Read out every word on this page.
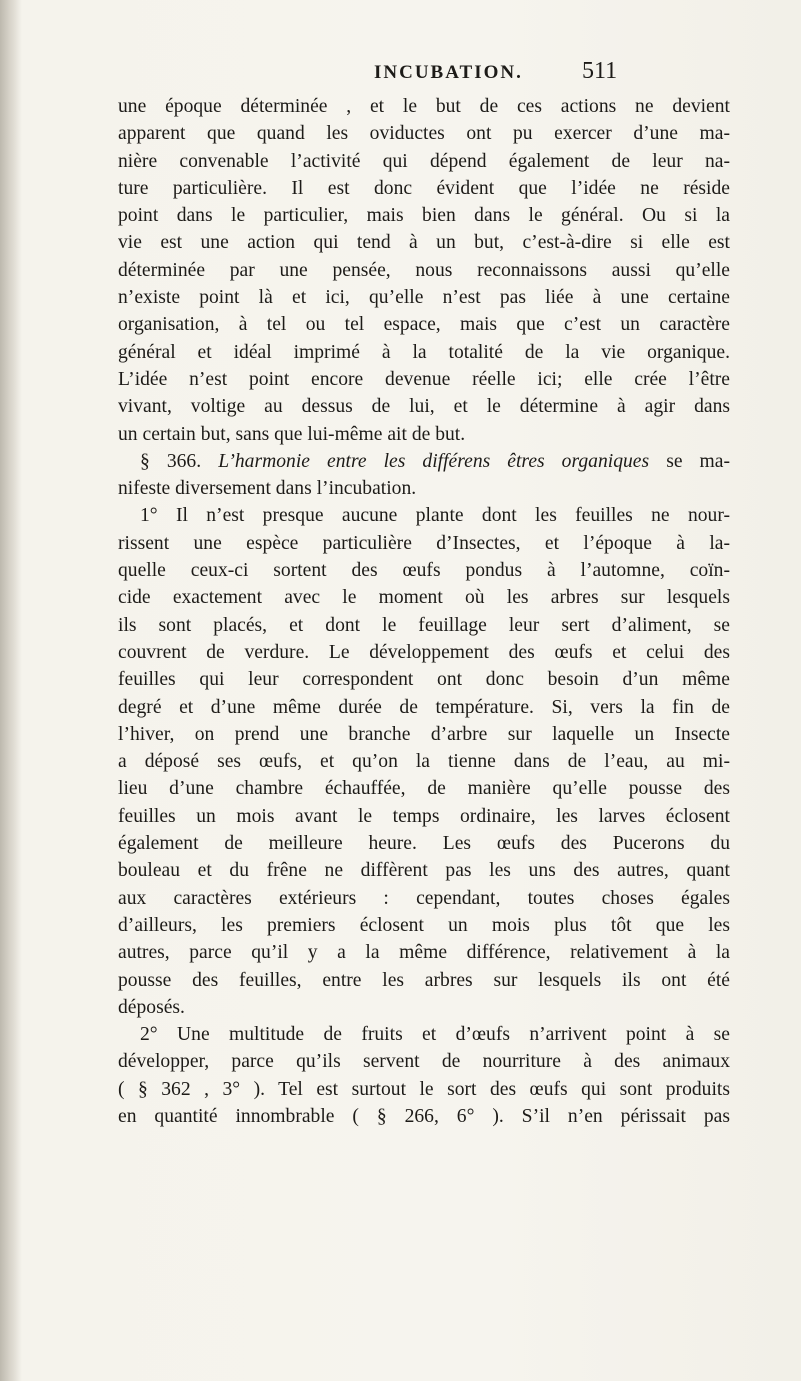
INCUBATION. 511
une époque déterminée , et le but de ces actions ne devient
apparent que quand les oviductes ont pu exercer d’une ma-
nière convenable l’activité qui dépend également de leur na-
ture particulière. Il est donc évident que l’idée ne réside
point dans le particulier, mais bien dans le général. Ou si la
vie est une action qui tend à un but, c’est-à-dire si elle est
déterminée par une pensée, nous reconnaissons aussi qu’elle
n’existe point là et ici, qu’elle n’est pas liée à une certaine
organisation, à tel ou tel espace, mais que c’est un caractère
général et idéal imprimé à la totalité de la vie organique.
L’idée n’est point encore devenue réelle ici; elle crée l’être
vivant, voltige au dessus de lui, et le détermine à agir dans
un certain but, sans que lui-même ait de but.
§ 366. L’harmonie entre les différens êtres organiques se ma-
nifeste diversement dans l’incubation.
1° Il n’est presque aucune plante dont les feuilles ne nour-
rissent une espèce particulière d’Insectes, et l’époque à la-
quelle ceux-ci sortent des œufs pondus à l’automne, coïn-
cide exactement avec le moment où les arbres sur lesquels
ils sont placés, et dont le feuillage leur sert d’aliment, se
couvrent de verdure. Le développement des œufs et celui des
feuilles qui leur correspondent ont donc besoin d’un même
degré et d’une même durée de température. Si, vers la fin de
l’hiver, on prend une branche d’arbre sur laquelle un Insecte
a déposé ses œufs, et qu’on la tienne dans de l’eau, au mi-
lieu d’une chambre échauffée, de manière qu’elle pousse des
feuilles un mois avant le temps ordinaire, les larves éclosent
également de meilleure heure. Les œufs des Pucerons du
bouleau et du frêne ne diffèrent pas les uns des autres, quant
aux caractères extérieurs : cependant, toutes choses égales
d’ailleurs, les premiers éclosent un mois plus tôt que les
autres, parce qu’il y a la même différence, relativement à la
pousse des feuilles, entre les arbres sur lesquels ils ont été
déposés.
2° Une multitude de fruits et d’œufs n’arrivent point à se
développer, parce qu’ils servent de nourriture à des animaux
( § 362 , 3° ). Tel est surtout le sort des œufs qui sont produits
en quantité innombrable ( § 266, 6° ). S’il n’en périssait pas
